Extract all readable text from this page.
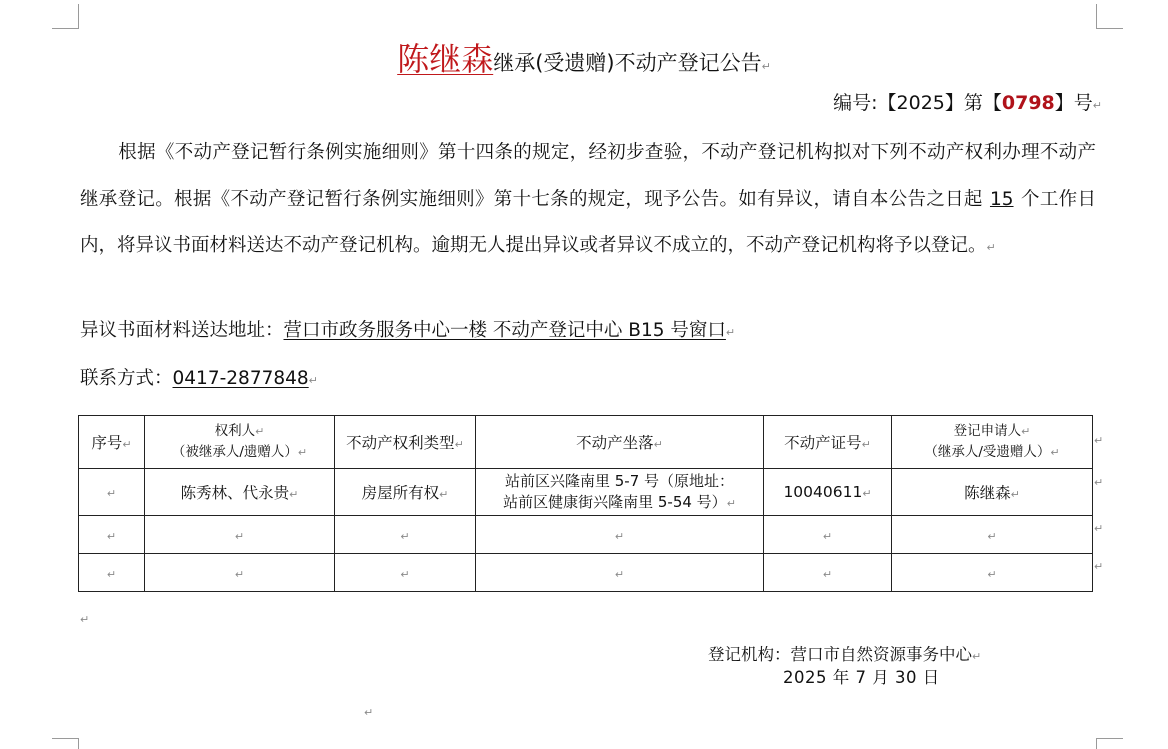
陈继森继承(受遗赠)不动产登记公告↵
编号:【2025】第【0798】号↵
根据《不动产登记暂行条例实施细则》第十四条的规定，经初步查验，不动产登记机构拟对下列不动产权利办理不动产继承登记。根据《不动产登记暂行条例实施细则》第十七条的规定，现予公告。如有异议，请自本公告之日起 15 个工作日内，将异议书面材料送达不动产登记机构。逾期无人提出异议或者异议不成立的，不动产登记机构将予以登记。↵
异议书面材料送达地址：营口市政务服务中心一楼 不动产登记中心 B15 号窗口↵
联系方式：0417-2877848↵
序号↵	权利人↵
（被继承人/遗赠人）↵	不动产权利类型↵	不动产坐落↵	不动产证号↵	登记申请人↵
（继承人/受遗赠人）↵

↵	陈秀林、代永贵↵	房屋所有权↵	站前区兴隆南里 5-7 号（原地址：
站前区健康街兴隆南里 5-54 号）↵	10040611↵	陈继森↵
↵	↵	↵	↵	↵	↵
↵	↵	↵	↵	↵	↵
↵
↵
↵
↵
↵
↵
登记机构：营口市自然资源事务中心↵
2025 年 7 月 30 日
